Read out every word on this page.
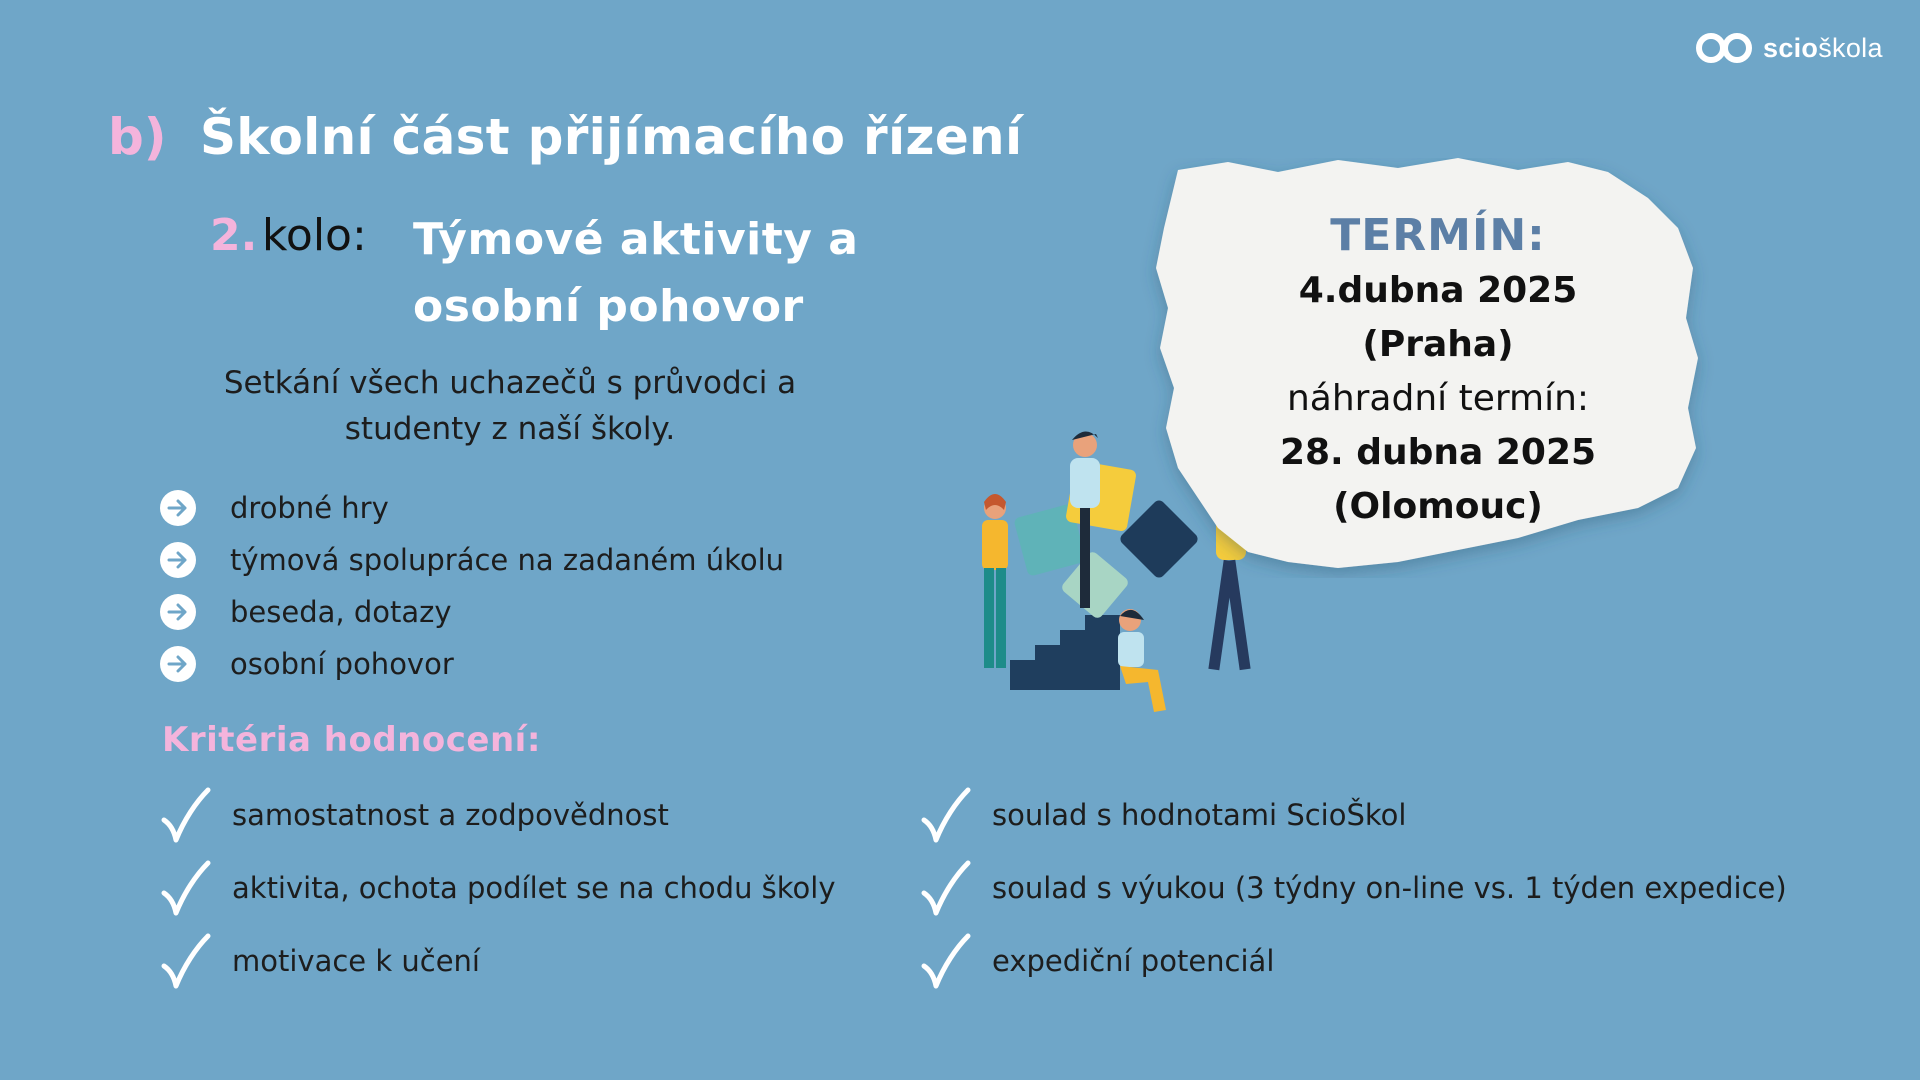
scioškola
b) Školní část přijímacího řízení
2. kolo: Týmové aktivity a
osobní pohovor
Setkání všech uchazečů s průvodci a
studenty z naší školy.
drobné hry
týmová spolupráce na zadaném úkolu
beseda, dotazy
osobní pohovor
Kritéria hodnocení:
samostatnost a zodpovědnost
aktivita, ochota podílet se na chodu školy
motivace k učení
soulad s hodnotami ScioŠkol
soulad s výukou (3 týdny on-line vs. 1 týden expedice)
expediční potenciál
TERMÍN:
4.dubna 2025
(Praha)
náhradní termín:
28. dubna 2025
(Olomouc)
